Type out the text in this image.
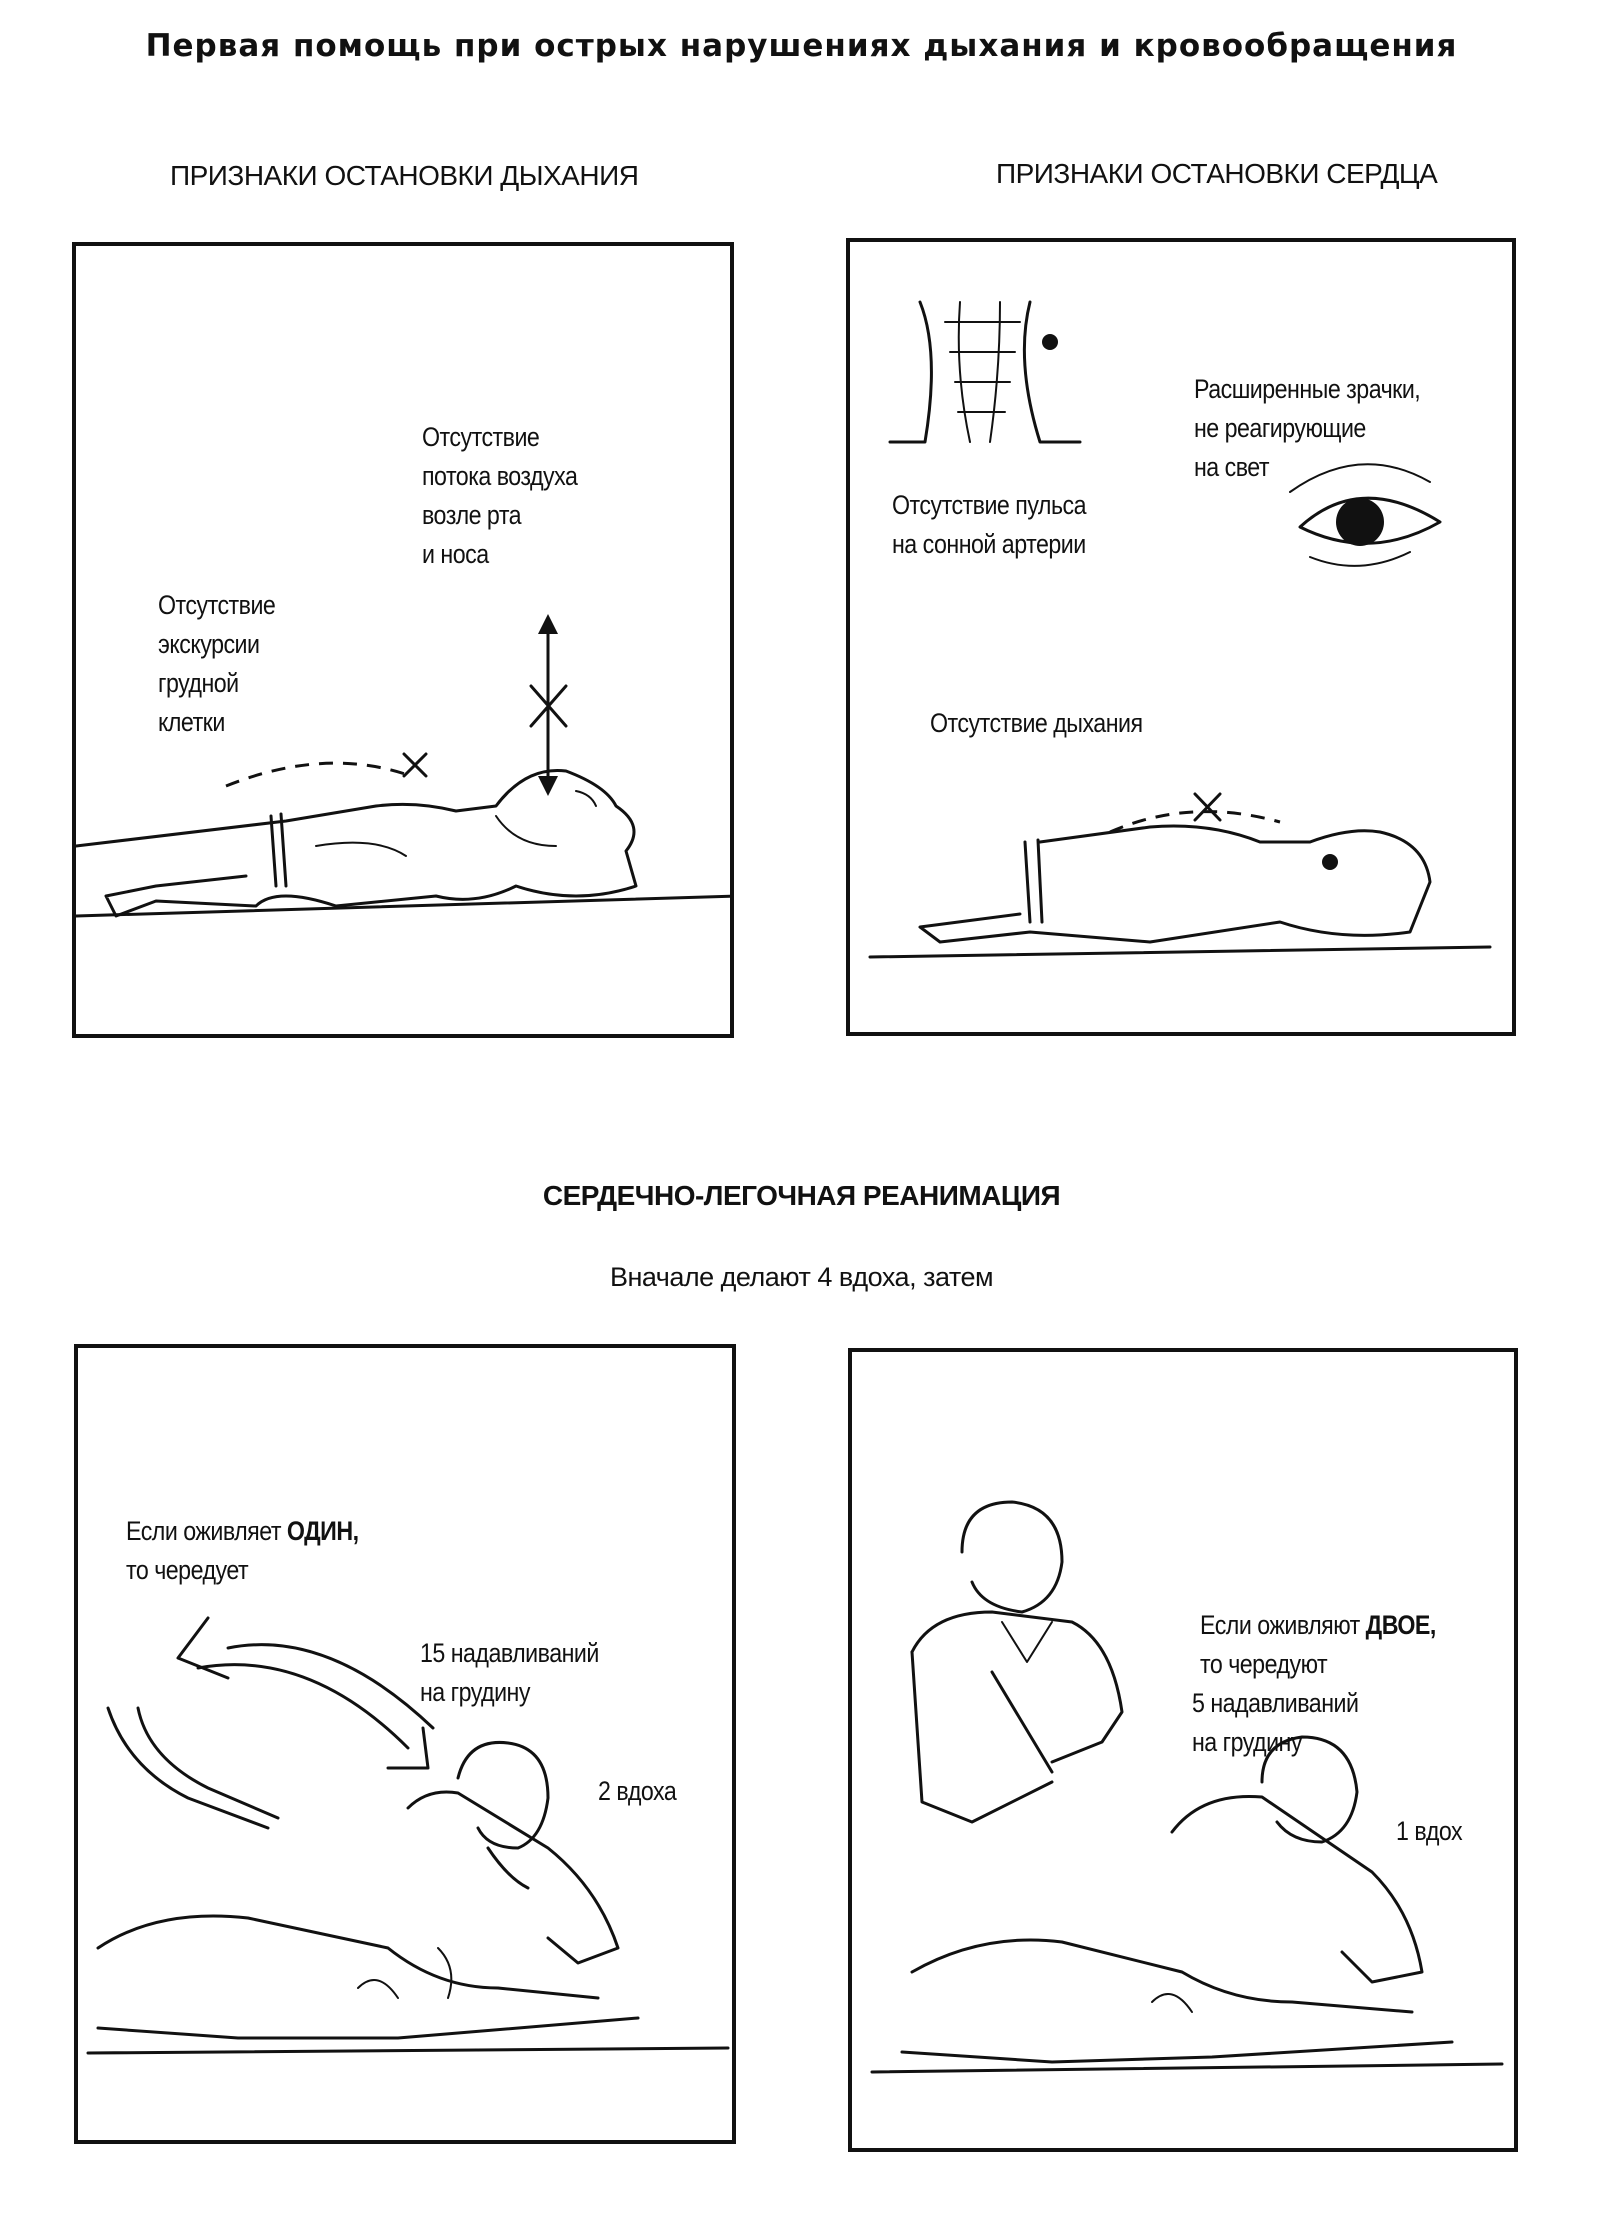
Первая помощь при острых нарушениях дыхания и кровообращения
ПРИЗНАКИ ОСТАНОВКИ ДЫХАНИЯ	ПРИЗНАКИ ОСТАНОВКИ СЕРДЦА
Отсутствие
потока воздуха
возле рта
и носа
Отсутствие
экскурсии
грудной
клетки
Расширенные зрачки,
не реагирующие
на свет
Отсутствие пульса
на сонной артерии
Отсутствие дыхания
СЕРДЕЧНО-ЛЕГОЧНАЯ РЕАНИМАЦИЯ
Вначале делают 4 вдоха, затем
Если оживляет ОДИН,
то чередует
15 надавливаний
на грудину
2 вдоха
Если оживляют ДВОЕ,
то чередуют
5 надавливаний
на грудину
1 вдох
